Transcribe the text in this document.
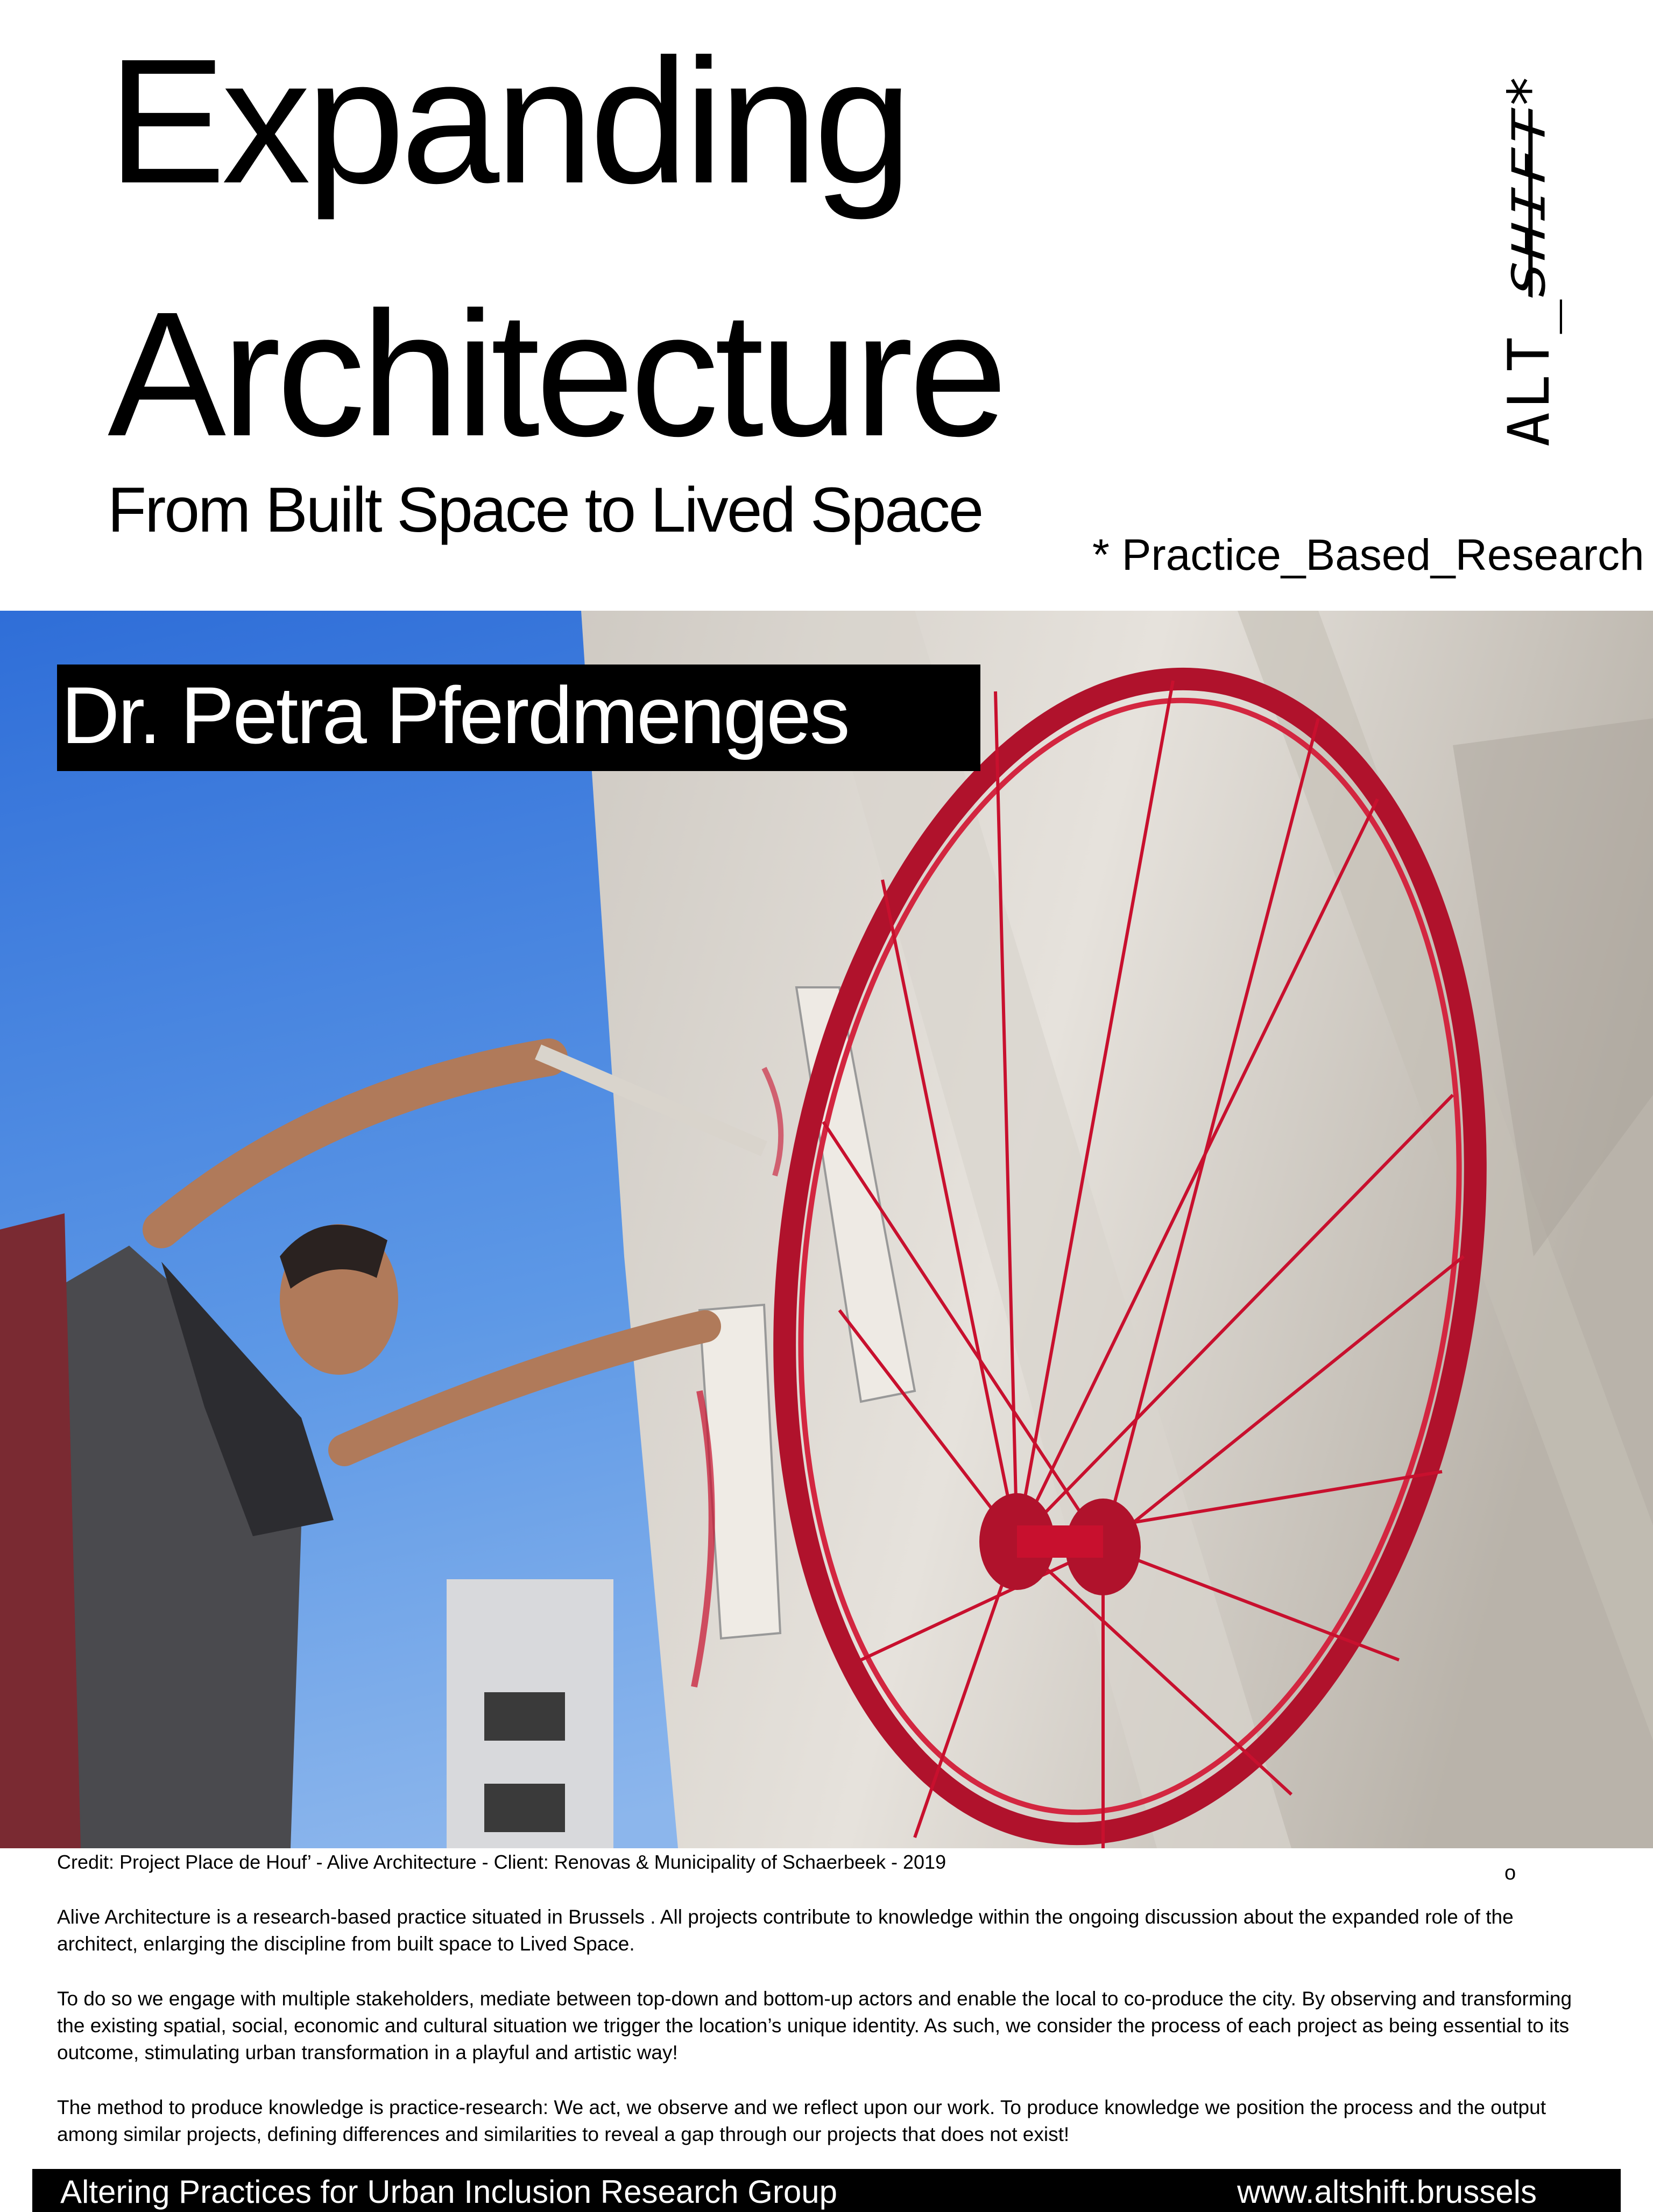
Expanding
Architecture
From Built Space to Lived Space
ALT_SHIFT*
* Practice_Based_Research
Dr. Petra Pferdmenges
Credit: Project Place de Houf’ - Alive Architecture - Client: Renovas & Municipality of Schaerbeek - 2019	o

Alive Architecture is a research-based practice situated in Brussels . All projects contribute to knowledge within the ongoing discussion about the expanded role of the architect, enlarging the discipline from built space to Lived Space.

To do so we engage with multiple stakeholders, mediate between top-down and bottom-up actors and enable the local to co-produce the city. By observing and transforming the existing spatial, social, economic and cultural situation we trigger the location’s unique identity. As such, we consider the process of each project as being essential to its outcome, stimulating urban transformation in a playful and artistic way!

The method to produce knowledge is practice-research: We act, we observe and we reflect upon our work. To produce knowledge we position the process and the output among similar projects, defining differences and similarities to reveal a gap through our projects that does not exist!

Altering Practices for Urban Inclusion Research Group	www.altshift.brussels
